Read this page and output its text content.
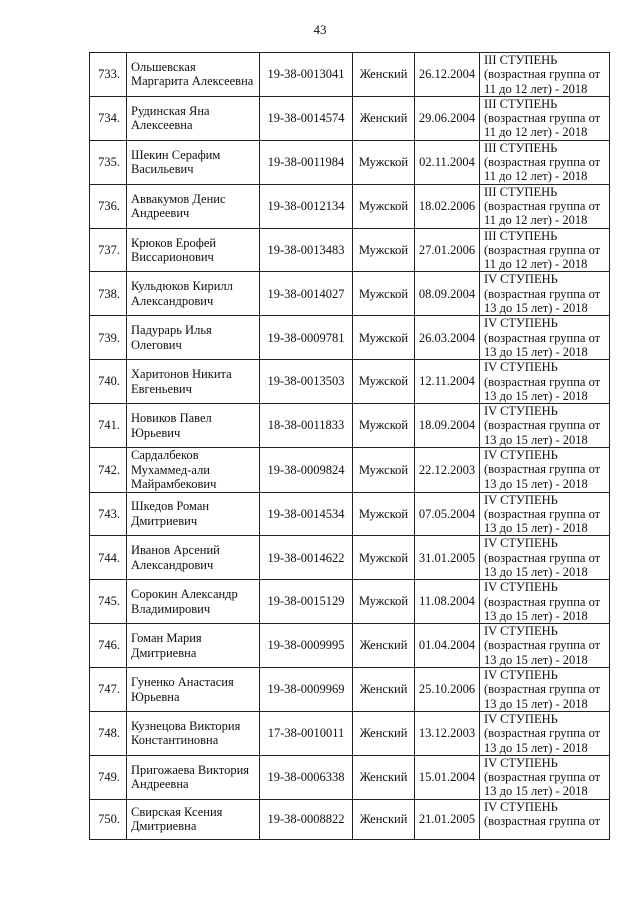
43
733.	Ольшевская Маргарита Алексеевна	19-38-0013041	Женский	26.12.2004	III СТУПЕНЬ
(возрастная группа от
11 до 12 лет) - 2018

734.	Рудинская Яна Алексеевна	19-38-0014574	Женский	29.06.2004	III СТУПЕНЬ
(возрастная группа от
11 до 12 лет) - 2018

735.	Шекин Серафим Васильевич	19-38-0011984	Мужской	02.11.2004	III СТУПЕНЬ
(возрастная группа от
11 до 12 лет) - 2018

736.	Аввакумов Денис Андреевич	19-38-0012134	Мужской	18.02.2006	III СТУПЕНЬ
(возрастная группа от
11 до 12 лет) - 2018

737.	Крюков Ерофей Виссарионович	19-38-0013483	Мужской	27.01.2006	III СТУПЕНЬ
(возрастная группа от
11 до 12 лет) - 2018

738.	Кульдюков Кирилл Александрович	19-38-0014027	Мужской	08.09.2004	IV СТУПЕНЬ
(возрастная группа от
13 до 15 лет) - 2018

739.	Падурарь Илья Олегович	19-38-0009781	Мужской	26.03.2004	IV СТУПЕНЬ
(возрастная группа от
13 до 15 лет) - 2018

740.	Харитонов Никита Евгеньевич	19-38-0013503	Мужской	12.11.2004	IV СТУПЕНЬ
(возрастная группа от
13 до 15 лет) - 2018

741.	Новиков Павел Юрьевич	18-38-0011833	Мужской	18.09.2004	IV СТУПЕНЬ
(возрастная группа от
13 до 15 лет) - 2018

742.	Сардалбеков Мухаммед-али Майрамбекович	19-38-0009824	Мужской	22.12.2003	IV СТУПЕНЬ
(возрастная группа от
13 до 15 лет) - 2018

743.	Шкедов Роман Дмитриевич	19-38-0014534	Мужской	07.05.2004	IV СТУПЕНЬ
(возрастная группа от
13 до 15 лет) - 2018

744.	Иванов Арсений Александрович	19-38-0014622	Мужской	31.01.2005	IV СТУПЕНЬ
(возрастная группа от
13 до 15 лет) - 2018

745.	Сорокин Александр Владимирович	19-38-0015129	Мужской	11.08.2004	IV СТУПЕНЬ
(возрастная группа от
13 до 15 лет) - 2018

746.	Гоман Мария Дмитриевна	19-38-0009995	Женский	01.04.2004	IV СТУПЕНЬ
(возрастная группа от
13 до 15 лет) - 2018

747.	Гуненко Анастасия Юрьевна	19-38-0009969	Женский	25.10.2006	IV СТУПЕНЬ
(возрастная группа от
13 до 15 лет) - 2018

748.	Кузнецова Виктория Константиновна	17-38-0010011	Женский	13.12.2003	IV СТУПЕНЬ
(возрастная группа от
13 до 15 лет) - 2018

749.	Пригожаева Виктория Андреевна	19-38-0006338	Женский	15.01.2004	IV СТУПЕНЬ
(возрастная группа от
13 до 15 лет) - 2018

750.	Свирская Ксения Дмитриевна	19-38-0008822	Женский	21.01.2005	IV СТУПЕНЬ
(возрастная группа от
